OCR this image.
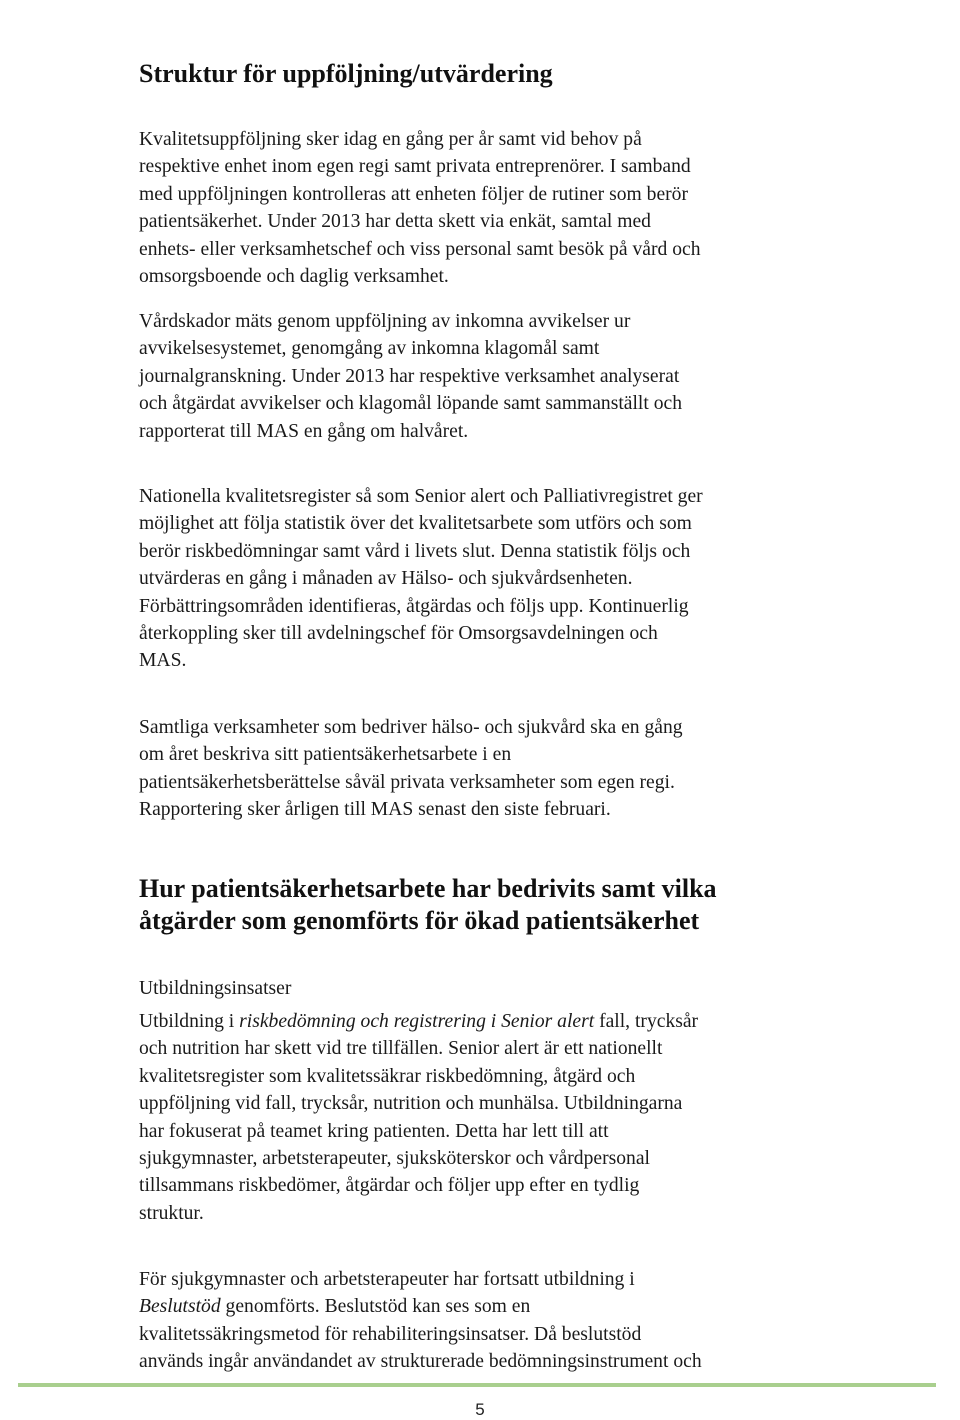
Struktur för uppföljning/utvärdering

Kvalitetsuppföljning sker idag en gång per år samt vid behov på
respektive enhet inom egen regi samt privata entreprenörer. I samband
med uppföljningen kontrolleras att enheten följer de rutiner som berör
patientsäkerhet. Under 2013 har detta skett via enkät, samtal med
enhets- eller verksamhetschef och viss personal samt besök på vård och
omsorgsboende och daglig verksamhet.

Vårdskador mäts genom uppföljning av inkomna avvikelser ur
avvikelsesystemet, genomgång av inkomna klagomål samt
journalgranskning. Under 2013 har respektive verksamhet analyserat
och åtgärdat avvikelser och klagomål löpande samt sammanställt och
rapporterat till MAS en gång om halvåret.

Nationella kvalitetsregister så som Senior alert och Palliativregistret ger
möjlighet att följa statistik över det kvalitetsarbete som utförs och som
berör riskbedömningar samt vård i livets slut. Denna statistik följs och
utvärderas en gång i månaden av Hälso- och sjukvårdsenheten.
Förbättringsområden identifieras, åtgärdas och följs upp. Kontinuerlig
återkoppling sker till avdelningschef för Omsorgsavdelningen och
MAS.

Samtliga verksamheter som bedriver hälso- och sjukvård ska en gång
om året beskriva sitt patientsäkerhetsarbete i en
patientsäkerhetsberättelse såväl privata verksamheter som egen regi.
Rapportering sker årligen till MAS senast den siste februari.

Hur patientsäkerhetsarbete har bedrivits samt vilka
åtgärder som genomförts för ökad patientsäkerhet

Utbildningsinsatser

Utbildning i riskbedömning och registrering i Senior alert fall, trycksår
och nutrition har skett vid tre tillfällen. Senior alert är ett nationellt
kvalitetsregister som kvalitetssäkrar riskbedömning, åtgärd och
uppföljning vid fall, trycksår, nutrition och munhälsa. Utbildningarna
har fokuserat på teamet kring patienten. Detta har lett till att
sjukgymnaster, arbetsterapeuter, sjuksköterskor och vårdpersonal
tillsammans riskbedömer, åtgärdar och följer upp efter en tydlig
struktur.

För sjukgymnaster och arbetsterapeuter har fortsatt utbildning i
Beslutstöd genomförts. Beslutstöd kan ses som en
kvalitetssäkringsmetod för rehabiliteringsinsatser. Då beslutstöd
används ingår användandet av strukturerade bedömningsinstrument och

5
